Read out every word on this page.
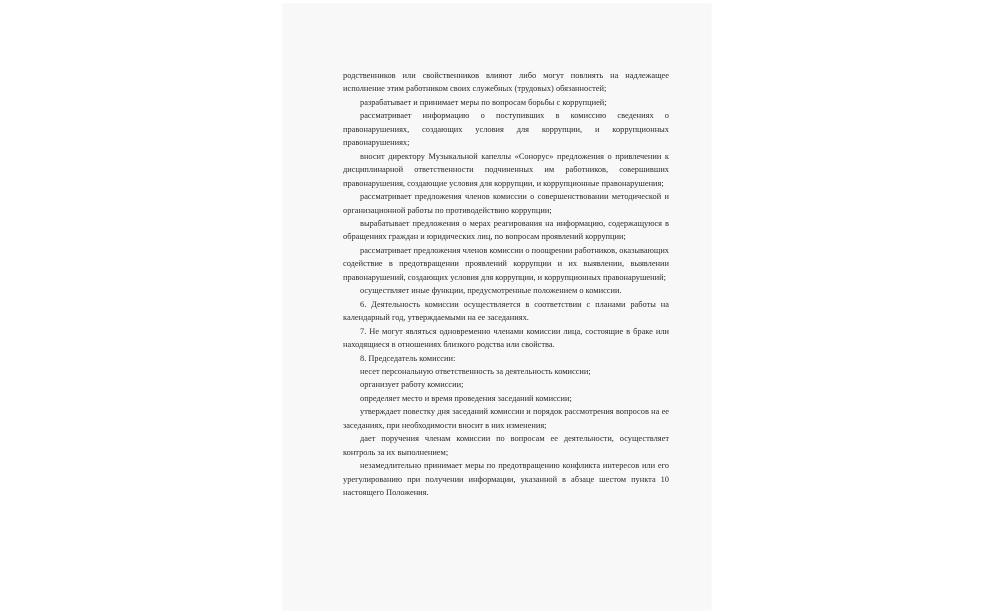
родственников или свойственников влияют либо могут повлиять на надлежащее исполнение этим работником своих служебных (трудовых) обязанностей;

разрабатывает и принимает меры по вопросам борьбы с коррупцией;

рассматривает информацию о поступивших в комиссию сведениях о правонарушениях, создающих условия для коррупции, и коррупционных правонарушениях;

вносит директору Музыкальной капеллы «Сонорус» предложения о привлечении к дисциплинарной ответственности подчиненных им работников, совершивших правонарушения, создающие условия для коррупции, и коррупционные правонарушения;

рассматривает предложения членов комиссии о совершенствовании методической и организационной работы по противодействию коррупции;

вырабатывает предложения о мерах реагирования на информацию, содержащуюся в обращениях граждан и юридических лиц, по вопросам проявлений коррупции;

рассматривает предложения членов комиссии о поощрении работников, оказывающих содействие в предотвращении проявлений коррупции и их выявлении, выявлении правонарушений, создающих условия для коррупции, и коррупционных правонарушений;

осуществляет иные функции, предусмотренные положением о комиссии.

6. Деятельность комиссии осуществляется в соответствии с планами работы на календарный год, утверждаемыми на ее заседаниях.

7. Не могут являться одновременно членами комиссии лица, состоящие в браке или находящиеся в отношениях близкого родства или свойства.

8. Председатель комиссии:

несет персональную ответственность за деятельность комиссии;

организует работу комиссии;

определяет место и время проведения заседаний комиссии;

утверждает повестку дня заседаний комиссии и порядок рассмотрения вопросов на ее заседаниях, при необходимости вносит в них изменения;

дает поручения членам комиссии по вопросам ее деятельности, осуществляет контроль за их выполнением;

незамедлительно принимает меры по предотвращению конфликта интересов или его урегулированию при получении информации, указанной в абзаце шестом пункта 10 настоящего Положения.
